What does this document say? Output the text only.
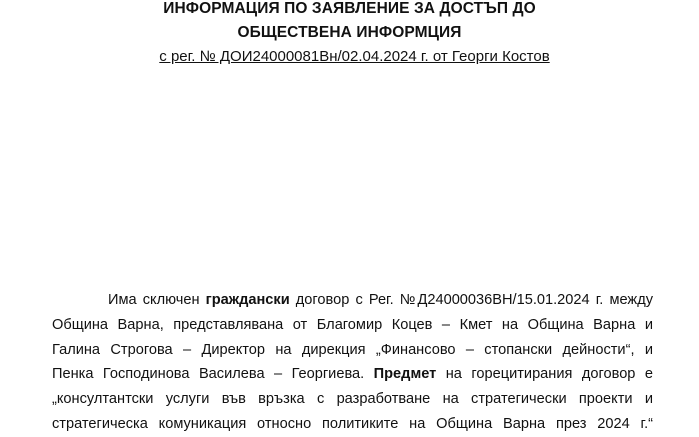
ИНФОРМАЦИЯ ПО ЗАЯВЛЕНИЕ ЗА ДОСТЪП ДО
ОБЩЕСТВЕНА ИНФОРМЦИЯ
с рег. № ДОИ24000081Вн/02.04.2024 г. от Георги Костов
Има сключен граждански договор с Рег. №Д24000036ВН/15.01.2024 г. между
Община Варна, представлявана от Благомир Коцев – Кмет на Община Варна и
Галина Строгова – Директор на дирекция „Финансово – стопански дейности“, и
Пенка Господинова Василева – Георгиева. Предмет на горецитирания договор е
„консултантски услуги във връзка с разработване на стратегически проекти и
стратегическа комуникация относно политиките на Община Варна през 2024 г.“
